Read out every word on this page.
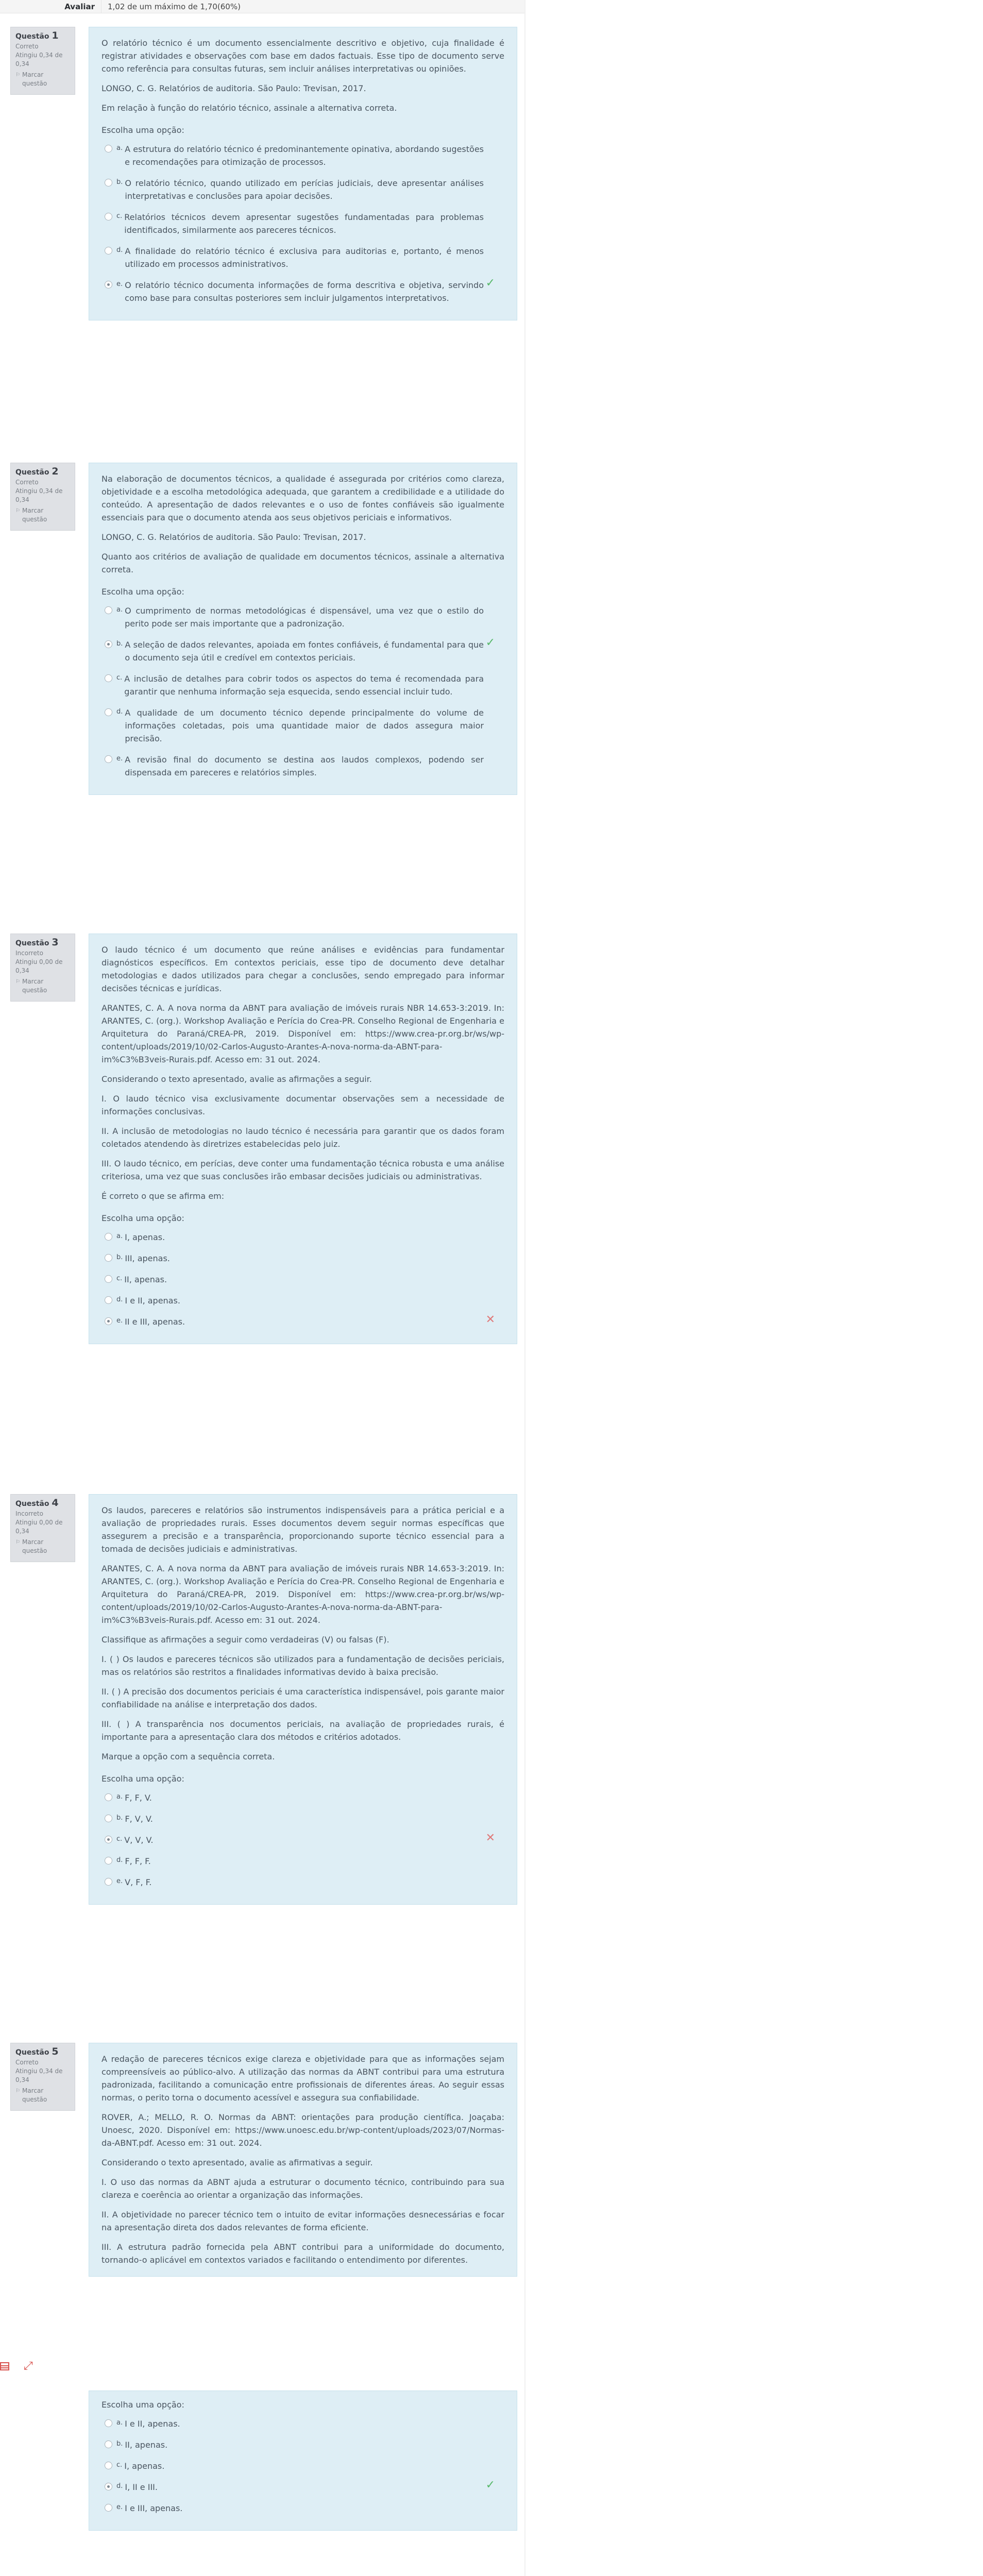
Avaliar	1,02 de um máximo de 1,70(60%)
Questão 1
Correto
Atingiu 0,34 de 0,34
⚐ Marcar questão

O relatório técnico é um documento essencialmente descritivo e objetivo, cuja finalidade é registrar atividades e observações com base em dados factuais. Esse tipo de documento serve como referência para consultas futuras, sem incluir análises interpretativas ou opiniões.

LONGO, C. G. Relatórios de auditoria. São Paulo: Trevisan, 2017.

Em relação à função do relatório técnico, assinale a alternativa correta.

Escolha uma opção:
a. A estrutura do relatório técnico é predominantemente opinativa, abordando sugestões e recomendações para otimização de processos.
b. O relatório técnico, quando utilizado em perícias judiciais, deve apresentar análises interpretativas e conclusões para apoiar decisões.
c. Relatórios técnicos devem apresentar sugestões fundamentadas para problemas identificados, similarmente aos pareceres técnicos.
d. A finalidade do relatório técnico é exclusiva para auditorias e, portanto, é menos utilizado em processos administrativos.
e. O relatório técnico documenta informações de forma descritiva e objetiva, servindo como base para consultas posteriores sem incluir julgamentos interpretativos.
✓
Questão 2
Correto
Atingiu 0,34 de 0,34
⚐ Marcar questão

Na elaboração de documentos técnicos, a qualidade é assegurada por critérios como clareza, objetividade e a escolha metodológica adequada, que garantem a credibilidade e a utilidade do conteúdo. A apresentação de dados relevantes e o uso de fontes confiáveis são igualmente essenciais para que o documento atenda aos seus objetivos periciais e informativos.

LONGO, C. G. Relatórios de auditoria. São Paulo: Trevisan, 2017.

Quanto aos critérios de avaliação de qualidade em documentos técnicos, assinale a alternativa correta.

Escolha uma opção:
a. O cumprimento de normas metodológicas é dispensável, uma vez que o estilo do perito pode ser mais importante que a padronização.
b. A seleção de dados relevantes, apoiada em fontes confiáveis, é fundamental para que o documento seja útil e credível em contextos periciais.
✓
c. A inclusão de detalhes para cobrir todos os aspectos do tema é recomendada para garantir que nenhuma informação seja esquecida, sendo essencial incluir tudo.
d. A qualidade de um documento técnico depende principalmente do volume de informações coletadas, pois uma quantidade maior de dados assegura maior precisão.
e. A revisão final do documento se destina aos laudos complexos, podendo ser dispensada em pareceres e relatórios simples.
Questão 3
Incorreto
Atingiu 0,00 de 0,34
⚐ Marcar questão

O laudo técnico é um documento que reúne análises e evidências para fundamentar diagnósticos específicos. Em contextos periciais, esse tipo de documento deve detalhar metodologias e dados utilizados para chegar a conclusões, sendo empregado para informar decisões técnicas e jurídicas.

ARANTES, C. A. A nova norma da ABNT para avaliação de imóveis rurais NBR 14.653-3:2019. In: ARANTES, C. (org.). Workshop Avaliação e Perícia do Crea-PR. Conselho Regional de Engenharia e Arquitetura do Paraná/CREA-PR, 2019. Disponível em: https://www.crea-pr.org.br/ws/wp-content/uploads/2019/10/02-Carlos-Augusto-Arantes-A-nova-norma-da-ABNT-para-im%C3%B3veis-Rurais.pdf. Acesso em: 31 out. 2024.

Considerando o texto apresentado, avalie as afirmações a seguir.

I. O laudo técnico visa exclusivamente documentar observações sem a necessidade de informações conclusivas.

II. A inclusão de metodologias no laudo técnico é necessária para garantir que os dados foram coletados atendendo às diretrizes estabelecidas pelo juiz.

III. O laudo técnico, em perícias, deve conter uma fundamentação técnica robusta e uma análise criteriosa, uma vez que suas conclusões irão embasar decisões judiciais ou administrativas.

É correto o que se afirma em:

Escolha uma opção:
a. I, apenas.
b. III, apenas.
c. II, apenas.
d. I e II, apenas.
e. II e III, apenas.	✕
Questão 4
Incorreto
Atingiu 0,00 de 0,34
⚐ Marcar questão

Os laudos, pareceres e relatórios são instrumentos indispensáveis para a prática pericial e a avaliação de propriedades rurais. Esses documentos devem seguir normas específicas que assegurem a precisão e a transparência, proporcionando suporte técnico essencial para a tomada de decisões judiciais e administrativas.

ARANTES, C. A. A nova norma da ABNT para avaliação de imóveis rurais NBR 14.653-3:2019. In: ARANTES, C. (org.). Workshop Avaliação e Perícia do Crea-PR. Conselho Regional de Engenharia e Arquitetura do Paraná/CREA-PR, 2019. Disponível em: https://www.crea-pr.org.br/ws/wp-content/uploads/2019/10/02-Carlos-Augusto-Arantes-A-nova-norma-da-ABNT-para-im%C3%B3veis-Rurais.pdf. Acesso em: 31 out. 2024.

Classifique as afirmações a seguir como verdadeiras (V) ou falsas (F).

I. ( ) Os laudos e pareceres técnicos são utilizados para a fundamentação de decisões periciais, mas os relatórios são restritos a finalidades informativas devido à baixa precisão.

II. ( ) A precisão dos documentos periciais é uma característica indispensável, pois garante maior confiabilidade na análise e interpretação dos dados.

III. ( ) A transparência nos documentos periciais, na avaliação de propriedades rurais, é importante para a apresentação clara dos métodos e critérios adotados.

Marque a opção com a sequência correta.

Escolha uma opção:
a. F, F, V.
b. F, V, V.
c. V, V, V.	✕
d. F, F, F.
e. V, F, F.
Questão 5
Correto
Atingiu 0,34 de 0,34
⚐ Marcar questão

A redação de pareceres técnicos exige clareza e objetividade para que as informações sejam compreensíveis ao público-alvo. A utilização das normas da ABNT contribui para uma estrutura padronizada, facilitando a comunicação entre profissionais de diferentes áreas. Ao seguir essas normas, o perito torna o documento acessível e assegura sua confiabilidade.

ROVER, A.; MELLO, R. O. Normas da ABNT: orientações para produção científica. Joaçaba: Unoesc, 2020. Disponível em: https://www.unoesc.edu.br/wp-content/uploads/2023/07/Normas-da-ABNT.pdf. Acesso em: 31 out. 2024.

Considerando o texto apresentado, avalie as afirmativas a seguir.

I. O uso das normas da ABNT ajuda a estruturar o documento técnico, contribuindo para sua clareza e coerência ao orientar a organização das informações.

II. A objetividade no parecer técnico tem o intuito de evitar informações desnecessárias e focar na apresentação direta dos dados relevantes de forma eficiente.

III. A estrutura padrão fornecida pela ABNT contribui para a uniformidade do documento, tornando-o aplicável em contextos variados e facilitando o entendimento por diferentes.

⤢
Escolha uma opção:
a. I e II, apenas.
b. II, apenas.
c. I, apenas.
d. I, II e III.	✓
e. I e III, apenas.
